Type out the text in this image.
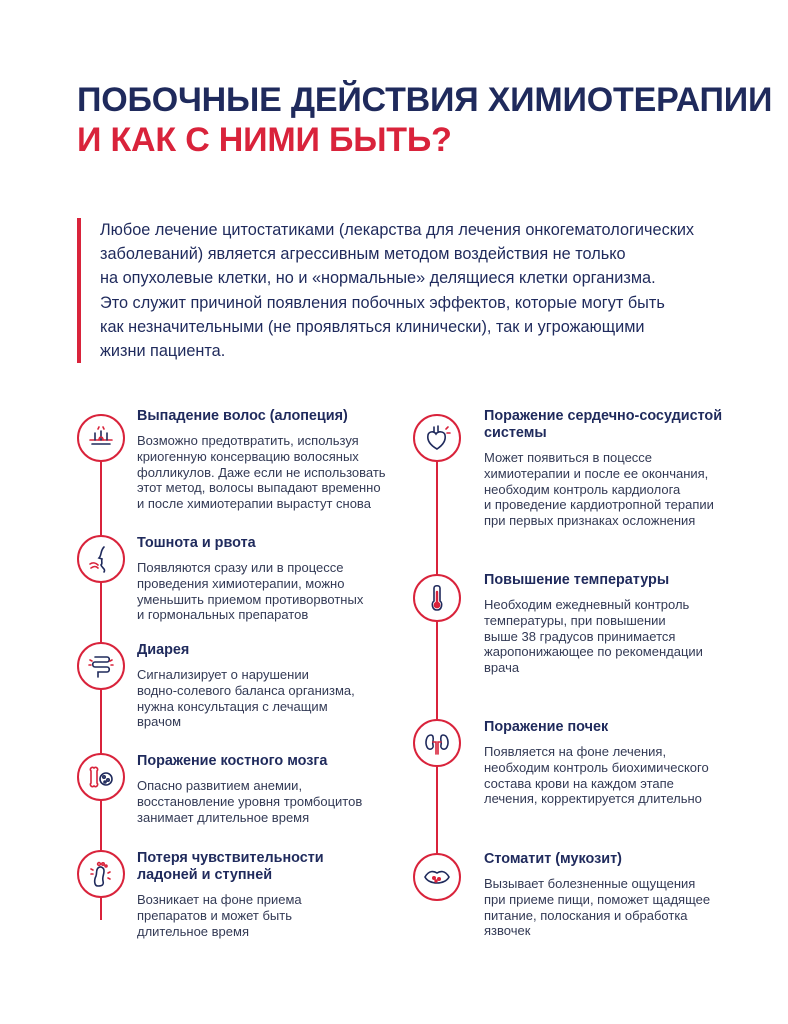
ПОБОЧНЫЕ ДЕЙСТВИЯ ХИМИОТЕРАПИИ
И КАК С НИМИ БЫТЬ?

Любое лечение цитостатиками (лекарства для лечения онкогематологических
заболеваний) является агрессивным методом воздействия не только
на опухолевые клетки, но и «нормальные» делящиеся клетки организма.
Это служит причиной появления побочных эффектов, которые могут быть
как незначительными (не проявляться клинически), так и угрожающими
жизни пациента.

Выпадение волос (алопеция)

Возможно предотвратить, используя
криогенную консервацию волосяных
фолликулов. Даже если не использовать
этот метод, волосы выпадают временно
и после химиотерапии вырастут снова

Тошнота и рвота

Появляются сразу или в процессе
проведения химиотерапии, можно
уменьшить приемом противорвотных
и гормональных препаратов

Диарея

Сигнализирует о нарушении
водно-солевого баланса организма,
нужна консультация с лечащим
врачом

Поражение костного мозга

Опасно развитием анемии,
восстановление уровня тромбоцитов
занимает длительное время

Потеря чувствительности
ладоней и ступней

Возникает на фоне приема
препаратов и может быть
длительное время

Поражение сердечно-сосудистой
системы

Может появиться в поцессе
химиотерапии и после ее окончания,
необходим контроль кардиолога
и проведение кардиотропной терапии
при первых признаках осложнения

Повышение температуры

Необходим ежедневный контроль
температуры, при повышении
выше 38 градусов принимается
жаропонижающее по рекомендации
врача

Поражение почек

Появляется на фоне лечения,
необходим контроль биохимического
состава крови на каждом этапе
лечения, корректируется длительно

Стоматит (мукозит)

Вызывает болезненные ощущения
при приеме пищи, поможет щадящее
питание, полоскания и обработка
язвочек
